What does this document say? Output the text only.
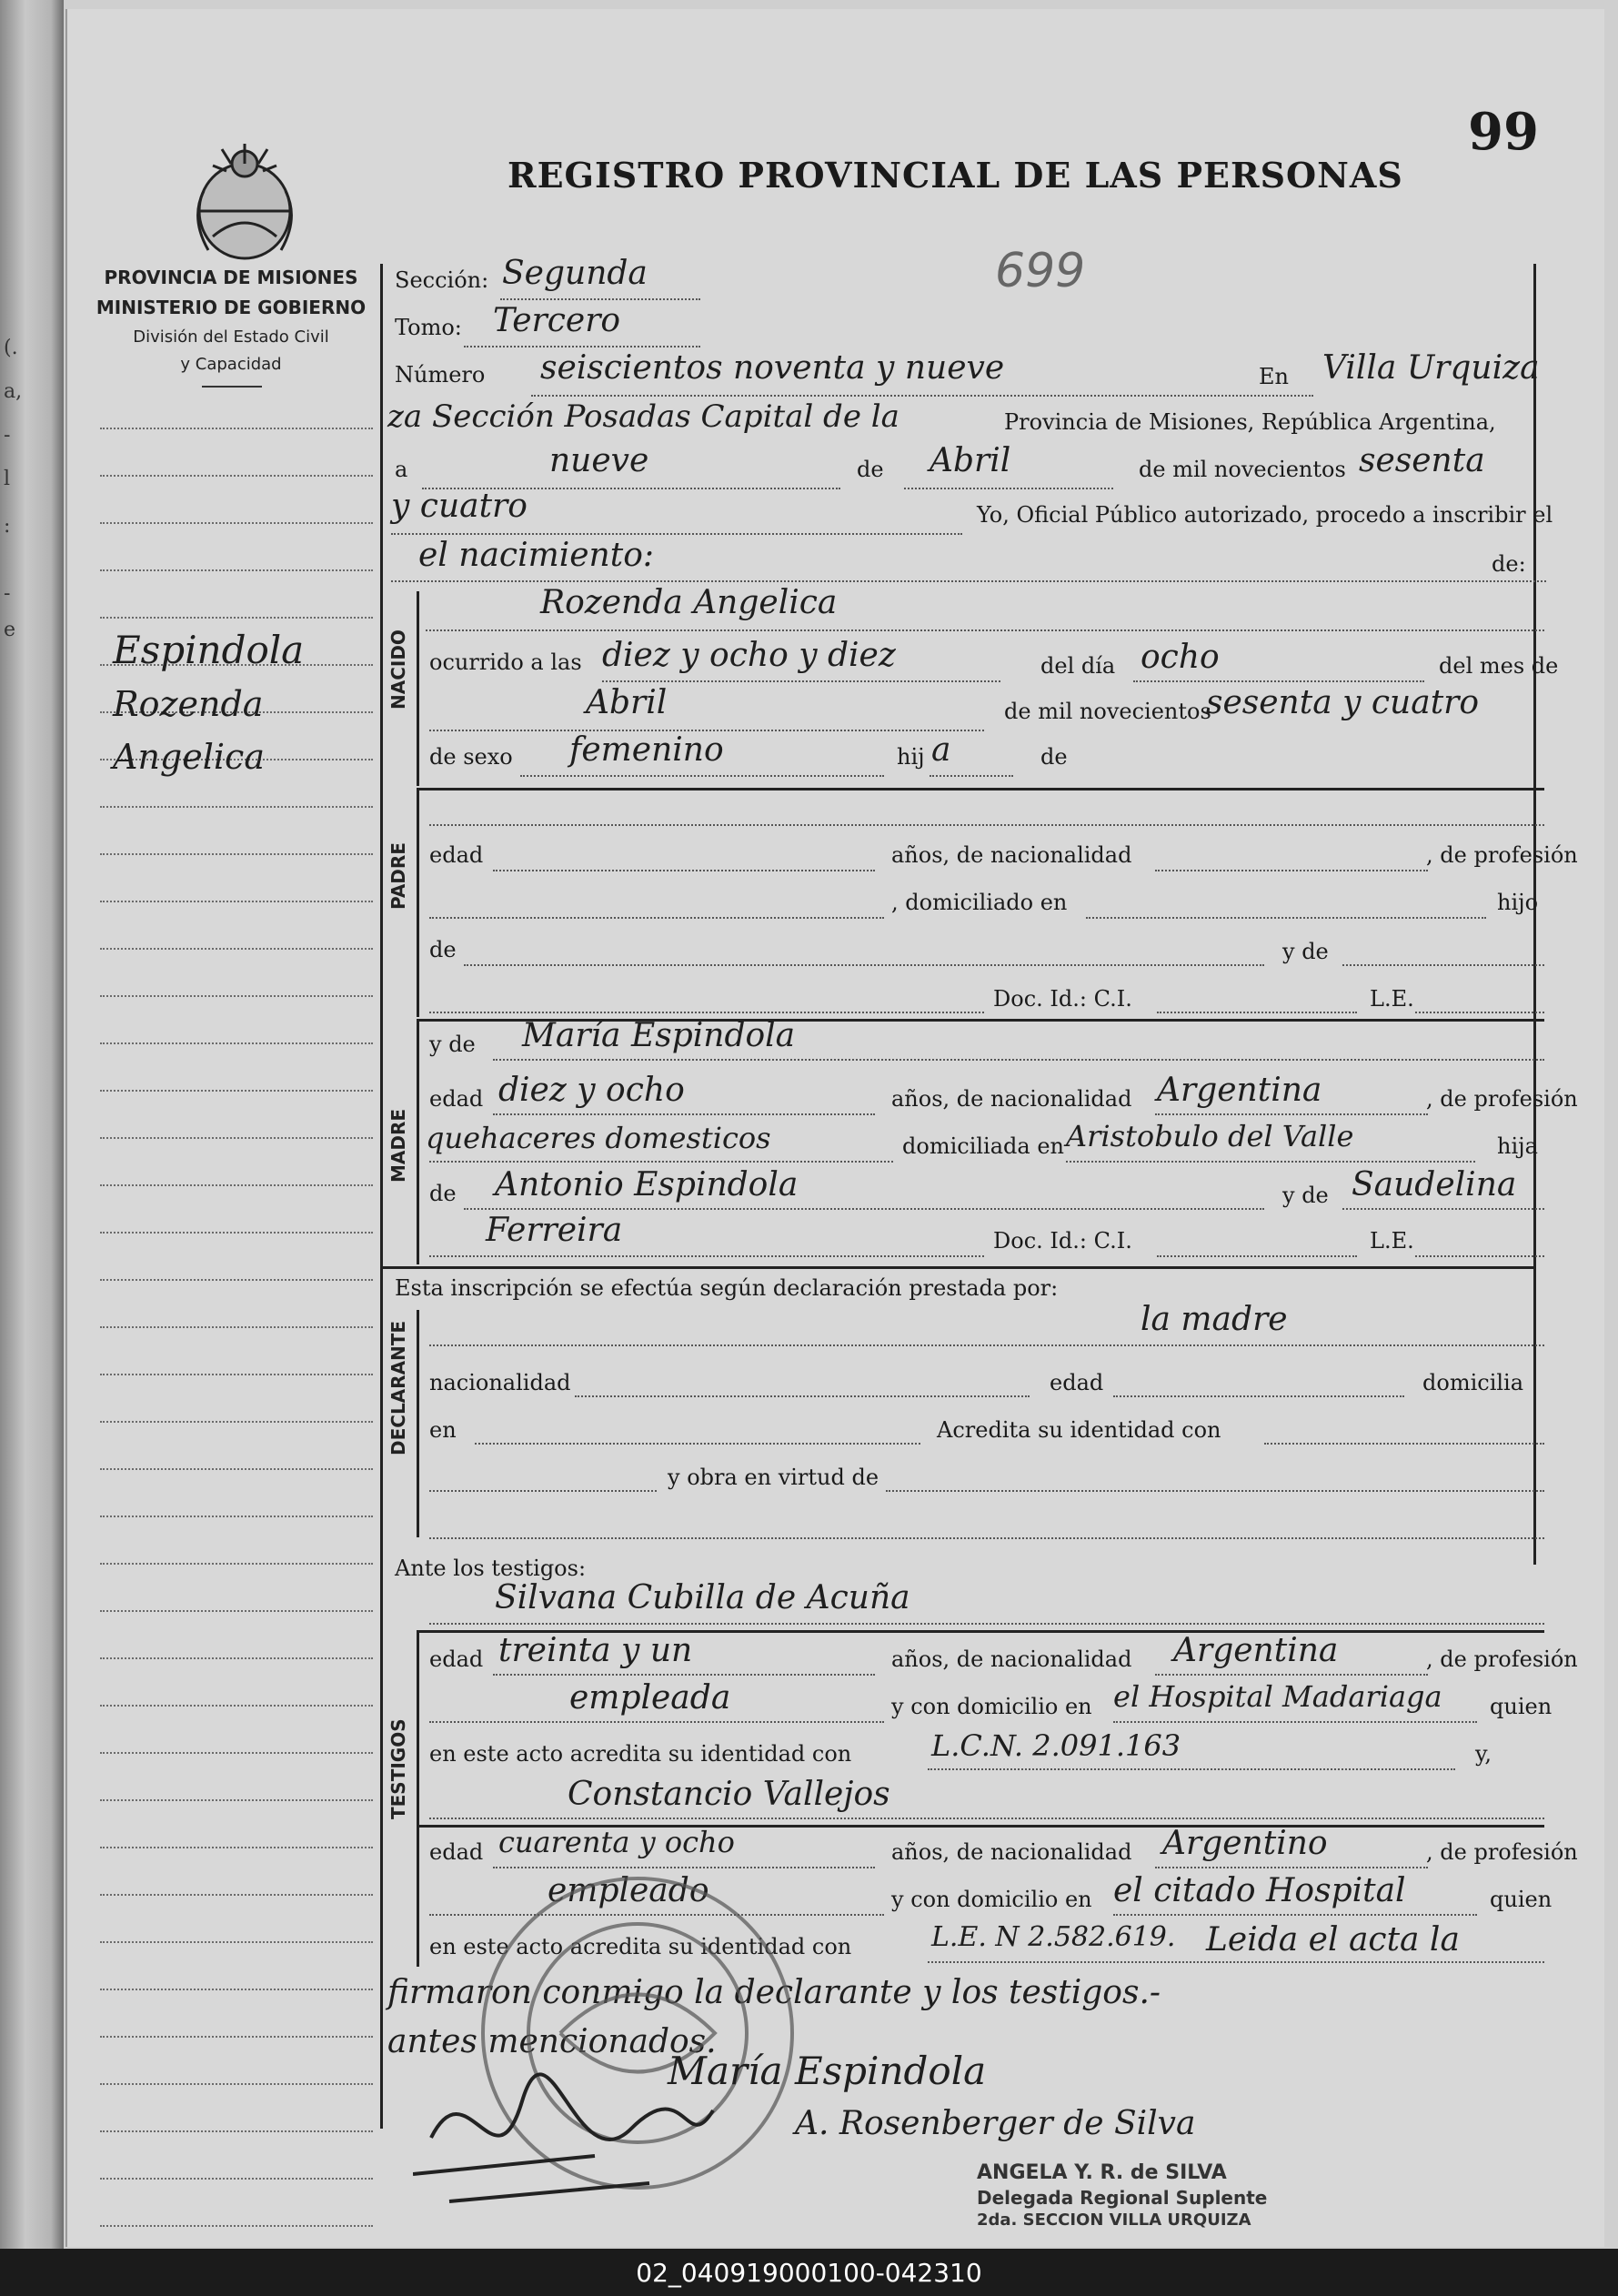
(.
a,
-
l
:
-
e
PROVINCIA DE MISIONES
MINISTERIO DE GOBIERNO
División del Estado Civil
y Capacidad
REGISTRO PROVINCIAL DE LAS PERSONAS
99
699
Espindola
Rozenda
Angelica
Sección: Segunda
Tomo: Tercero
Número seiscientos noventa y nueve	En Villa Urquiza
za Sección Posadas Capital de la	Provincia de Misiones, República Argentina,
a	nueve	de Abril	de mil novecientos sesenta
y cuatro	Yo, Oficial Público autorizado, procedo a inscribir el
el nacimiento:	de:
NACIDO
Rozenda Angelica
ocurrido a las diez y ocho y diez	del día ocho	del mes de
Abril	de mil novecientos
sesenta y cuatro
de sexo femenino	hij a	de
PADRE edad	años, de nacionalidad	, de profesión
, domiciliado en	hijo
de	y de
Doc. Id.: C.I.	L.E.
MADRE
y de María Espindola
edad diez y ocho	años, de nacionalidad Argentina	, de profesión
quehaceres domesticos	domiciliada en Aristobulo del Valle	hija
de Antonio Espindola	y de Saudelina
Ferreira	Doc. Id.: C.I.	L.E.
Esta inscripción se efectúa según declaración prestada por:
la madre
DECLARANTE nacionalidad	edad	domicilia
en	Acredita su identidad con
y obra en virtud de
Ante los testigos:
Silvana Cubilla de Acuña
TESTIGOS
edad treinta y un	años, de nacionalidad Argentina	, de profesión
empleada	y con domicilio en el Hospital Madariaga quien
en este acto acredita su identidad con	L.C.N. 2.091.163	y,
Constancio Vallejos
edad cuarenta y ocho	años, de nacionalidad Argentino	, de profesión
empleado	y con domicilio en el citado Hospital	quien
en este acto acredita su identidad con	L.E. N 2.582.619. Leida el acta la
firmaron conmigo la declarante y los testigos.-
antes mencionados.
María Espindola
A. Rosenberger de Silva
ANGELA Y. R. de SILVA
Delegada Regional Suplente
2da. SECCION VILLA URQUIZA
02_040919000100-042310
